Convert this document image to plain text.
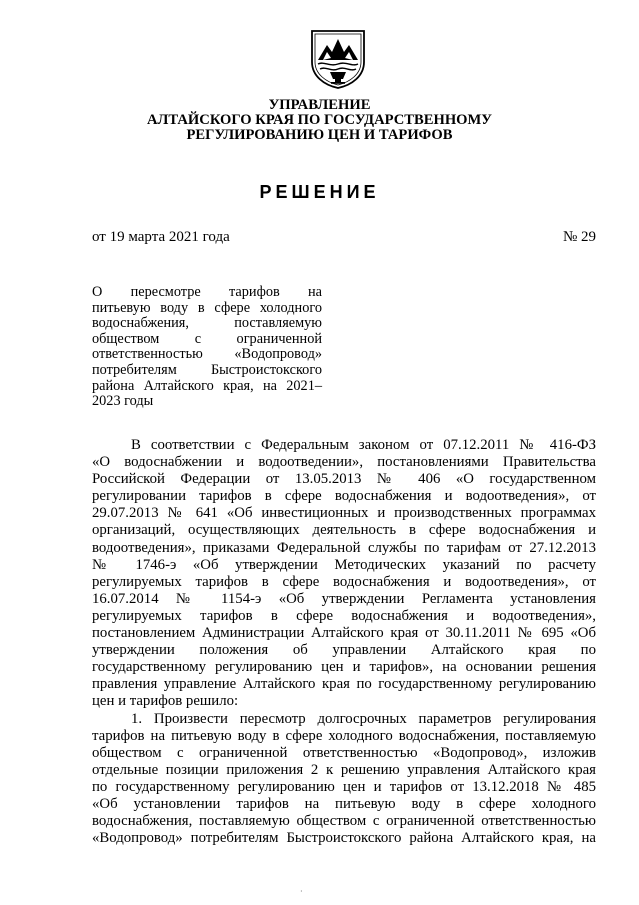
УПРАВЛЕНИЕ
АЛТАЙСКОГО КРАЯ ПО ГОСУДАРСТВЕННОМУ
РЕГУЛИРОВАНИЮ ЦЕН И ТАРИФОВ
РЕШЕНИЕ
от 19 марта 2021 года	№ 29
О пересмотре тарифов на
питьевую воду в сфере холодного
водоснабжения, поставляемую
обществом с ограниченной
ответственностью «Водопровод»
потребителям Быстроистокского
района Алтайского края, на 2021–
2023 годы
В соответствии с Федеральным законом от 07.12.2011 № 416-ФЗ
«О водоснабжении и водоотведении», постановлениями Правительства
Российской Федерации от 13.05.2013 № 406 «О государственном
регулировании тарифов в сфере водоснабжения и водоотведения», от
29.07.2013 № 641 «Об инвестиционных и производственных программах
организаций, осуществляющих деятельность в сфере водоснабжения и
водоотведения», приказами Федеральной службы по тарифам от 27.12.2013
№ 1746-э «Об утверждении Методических указаний по расчету
регулируемых тарифов в сфере водоснабжения и водоотведения», от
16.07.2014 № 1154-э «Об утверждении Регламента установления
регулируемых тарифов в сфере водоснабжения и водоотведения»,
постановлением Администрации Алтайского края от 30.11.2011 № 695 «Об
утверждении положения об управлении Алтайского края по
государственному регулированию цен и тарифов», на основании решения
правления управление Алтайского края по государственному регулированию
цен и тарифов решило:
1. Произвести пересмотр долгосрочных параметров регулирования
тарифов на питьевую воду в сфере холодного водоснабжения, поставляемую
обществом с ограниченной ответственностью «Водопровод», изложив
отдельные позиции приложения 2 к решению управления Алтайского края
по государственному регулированию цен и тарифов от 13.12.2018 № 485
«Об установлении тарифов на питьевую воду в сфере холодного
водоснабжения, поставляемую обществом с ограниченной ответственностью
«Водопровод» потребителям Быстроистокского района Алтайского края, на
·
